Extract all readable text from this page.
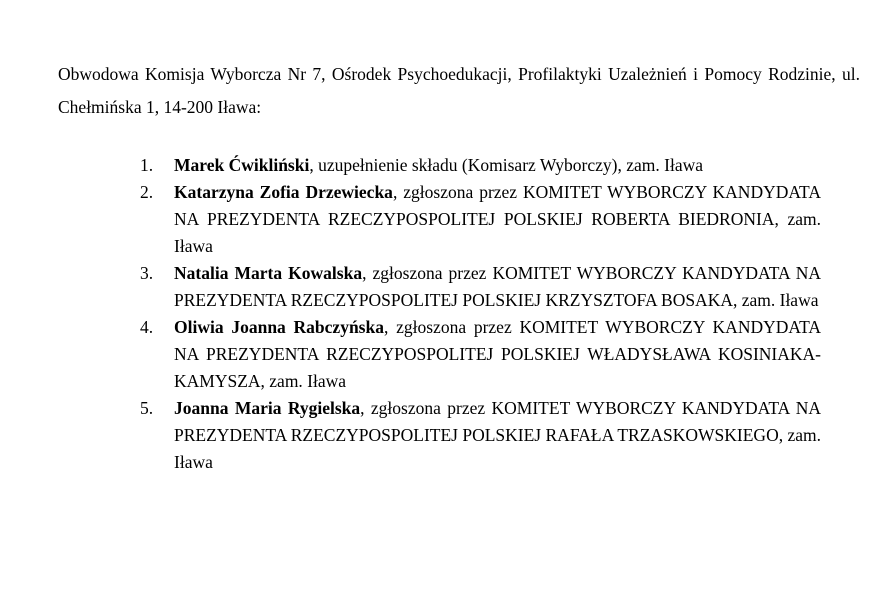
Obwodowa Komisja Wyborcza Nr 7, Ośrodek Psychoedukacji, Profilaktyki Uzależnień i Pomocy Rodzinie, ul. Chełmińska 1, 14-200 Iława:

1.	Marek Ćwikliński, uzupełnienie składu (Komisarz Wyborczy), zam. Iława
2.	Katarzyna Zofia Drzewiecka, zgłoszona przez KOMITET WYBORCZY KANDYDATA NA PREZYDENTA RZECZYPOSPOLITEJ POLSKIEJ ROBERTA BIEDRONIA, zam. Iława
3.	Natalia Marta Kowalska, zgłoszona przez KOMITET WYBORCZY KANDYDATA NA PREZYDENTA RZECZYPOSPOLITEJ POLSKIEJ KRZYSZTOFA BOSAKA, zam. Iława
4.	Oliwia Joanna Rabczyńska, zgłoszona przez KOMITET WYBORCZY KANDYDATA NA PREZYDENTA RZECZYPOSPOLITEJ POLSKIEJ WŁADYSŁAWA KOSINIAKA-KAMYSZA, zam. Iława
5.	Joanna Maria Rygielska, zgłoszona przez KOMITET WYBORCZY KANDYDATA NA PREZYDENTA RZECZYPOSPOLITEJ POLSKIEJ RAFAŁA TRZASKOWSKIEGO, zam. Iława
